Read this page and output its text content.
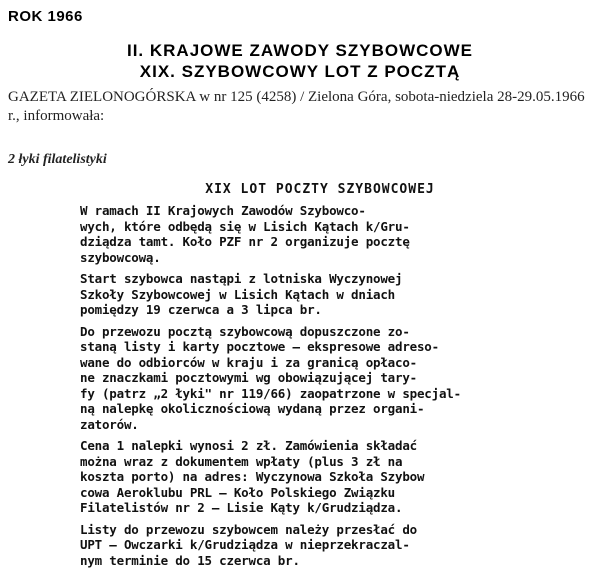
ROK 1966
II. KRAJOWE ZAWODY SZYBOWCOWE
XIX. SZYBOWCOWY LOT Z POCZTĄ
GAZETA ZIELONOGÓRSKA w nr 125 (4258) / Zielona Góra, sobota-niedziela 28-29.05.1966 r., informowała:
2 łyki filatelistyki
XIX LOT POCZTY SZYBOWCOWEJ

W ramach II Krajowych Zawodów Szybowco-
wych, które odbędą się w Lisich Kątach k/Gru-
dziądza tamt. Koło PZF nr 2 organizuje pocztę
szybowcową.

Start szybowca nastąpi z lotniska Wyczynowej
Szkoły Szybowcowej w Lisich Kątach w dniach
pomiędzy 19 czerwca a 3 lipca br.

Do przewozu pocztą szybowcową dopuszczone zo-
staną listy i karty pocztowe — ekspresowe adreso-
wane do odbiorców w kraju i za granicą opłaco-
ne znaczkami pocztowymi wg obowiązującej tary-
fy (patrz „2 łyki" nr 119/66) zaopatrzone w specjal-
ną nalepkę okolicznościową wydaną przez organi-
zatorów.

Cena 1 nalepki wynosi 2 zł. Zamówienia składać
można wraz z dokumentem wpłaty (plus 3 zł na
koszta porto) na adres: Wyczynowa Szkoła Szybow
cowa Aeroklubu PRL — Koło Polskiego Związku
Filatelistów nr 2 — Lisie Kąty k/Grudziądza.

Listy do przewozu szybowcem należy przesłać do
UPT — Owczarki k/Grudziądza w nieprzekraczal-
nym terminie do 15 czerwca br.
